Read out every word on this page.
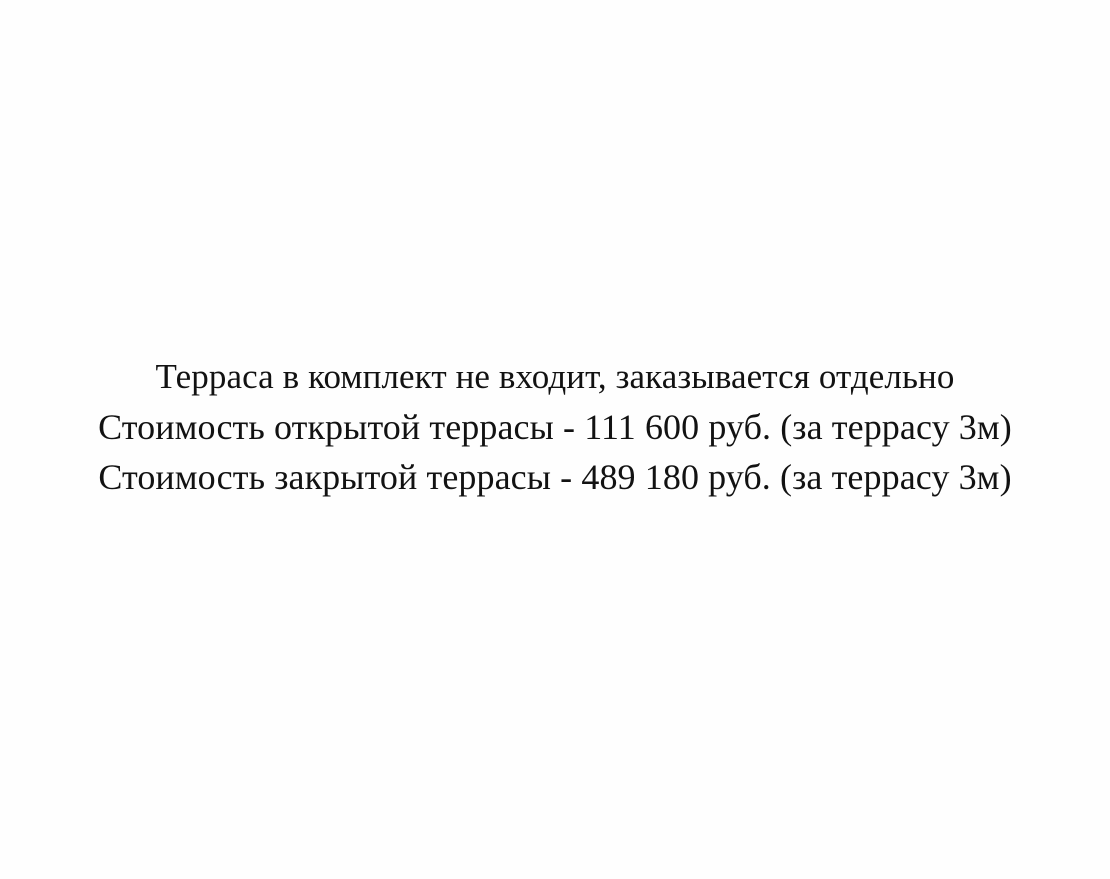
Терраса в комплект не входит, заказывается отдельно
Стоимость открытой террасы - 111 600 руб. (за террасу 3м)
Стоимость закрытой террасы - 489 180 руб. (за террасу 3м)
